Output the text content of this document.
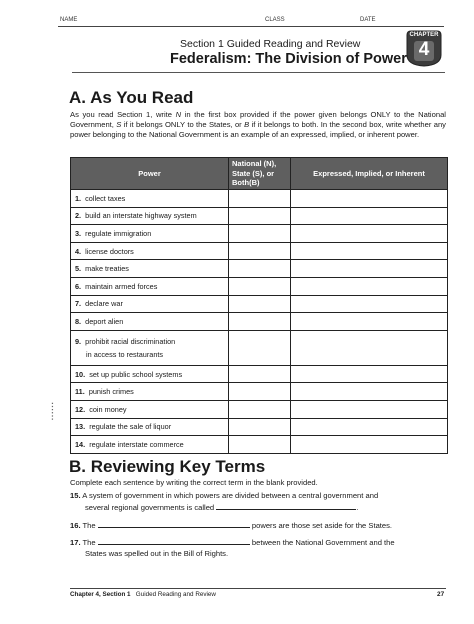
NAME	CLASS	DATE
Section 1 Guided Reading and Review
Federalism: The Division of Power
CHAPTER
4
A. As You Read
As you read Section 1, write N in the first box provided if the power given belongs ONLY to the National Government, S if it belongs ONLY to the States, or B if it belongs to both. In the second box, write whether any power belonging to the National Government is an example of an expressed, implied, or inherent power.
Power	National (N), State (S), or Both(B)	Expressed, Implied, or Inherent
1. collect taxes		
2. build an interstate highway system		
3. regulate immigration		
4. license doctors		
5. make treaties		
6. maintain armed forces		
7. declare war		
8. deport alien		
9. prohibit racial discrimination
in access to restaurants		
10. set up public school systems		
11. punish crimes		
12. coin money		
13. regulate the sale of liquor		
14. regulate interstate commerce		
▪ ▪ ▪ ▪ ▪ ▪
B. Reviewing Key Terms
Complete each sentence by writing the correct term in the blank provided.
15. A system of government in which powers are divided between a central government and
several regional governments is called	.
16. The	powers are those set aside for the States.
17. The	between the National Government and the
States was spelled out in the Bill of Rights.
Chapter 4, Section 1 Guided Reading and Review	27
